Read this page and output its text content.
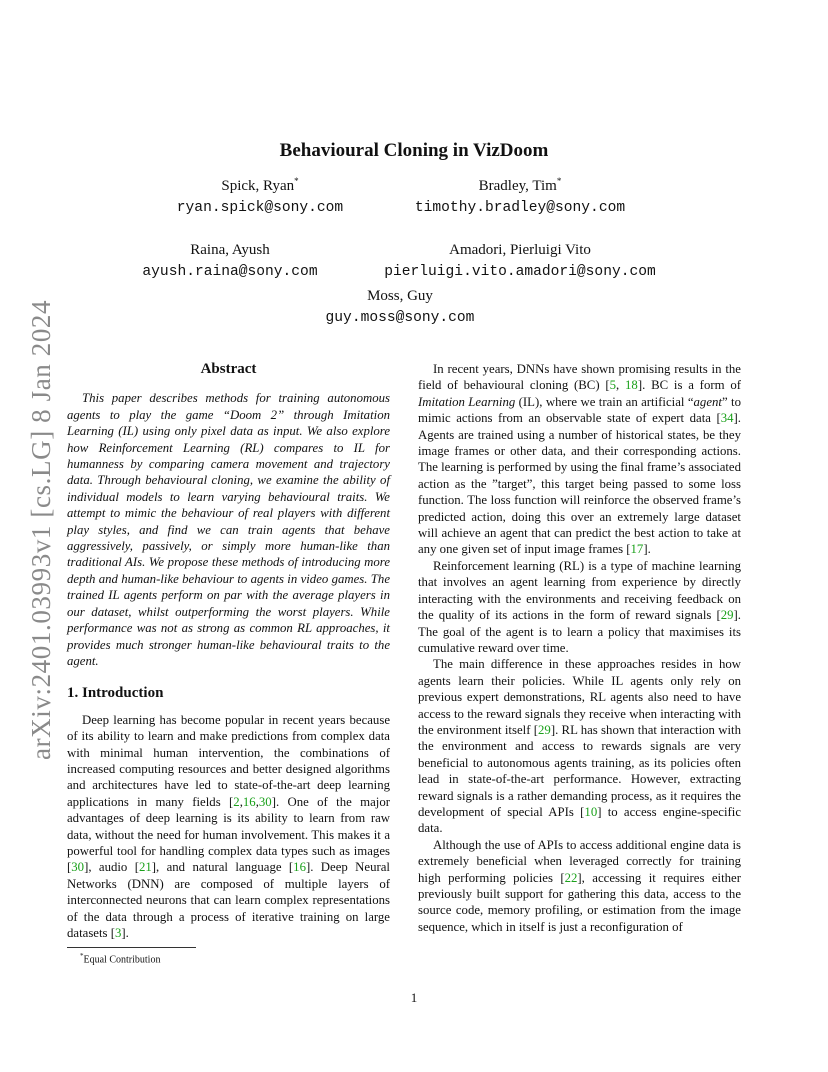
arXiv:2401.03993v1 [cs.LG] 8 Jan 2024
Behavioural Cloning in VizDoom
Spick, Ryan*
ryan.spick@sony.com
Bradley, Tim*
timothy.bradley@sony.com
Raina, Ayush
ayush.raina@sony.com
Amadori, Pierluigi Vito
pierluigi.vito.amadori@sony.com
Moss, Guy
guy.moss@sony.com
Abstract

This paper describes methods for training autonomous agents to play the game “Doom 2” through Imitation Learning (IL) using only pixel data as input. We also explore how Reinforcement Learning (RL) compares to IL for humanness by comparing camera movement and trajectory data. Through behavioural cloning, we examine the ability of individual models to learn varying behavioural traits. We attempt to mimic the behaviour of real players with different play styles, and find we can train agents that behave aggressively, passively, or simply more human-like than traditional AIs. We propose these methods of introducing more depth and human-like behaviour to agents in video games. The trained IL agents perform on par with the average players in our dataset, whilst outperforming the worst players. While performance was not as strong as common RL approaches, it provides much stronger human-like behavioural traits to the agent.

1. Introduction

Deep learning has become popular in recent years because of its ability to learn and make predictions from complex data with minimal human intervention, the combinations of increased computing resources and better designed algorithms and architectures have led to state-of-the-art deep learning applications in many fields [2,16,30]. One of the major advantages of deep learning is its ability to learn from raw data, without the need for human involvement. This makes it a powerful tool for handling complex data types such as images [30], audio [21], and natural language [16]. Deep Neural Networks (DNN) are composed of multiple layers of interconnected neurons that can learn complex representations of the data through a process of iterative training on large datasets [3].

In recent years, DNNs have shown promising results in the field of behavioural cloning (BC) [5, 18]. BC is a form of Imitation Learning (IL), where we train an artificial “agent” to mimic actions from an observable state of expert data [34]. Agents are trained using a number of historical states, be they image frames or other data, and their corresponding actions. The learning is performed by using the final frame’s associated action as the ”target”, this target being passed to some loss function. The loss function will reinforce the observed frame’s predicted action, doing this over an extremely large dataset will achieve an agent that can predict the best action to take at any one given set of input image frames [17].

Reinforcement learning (RL) is a type of machine learning that involves an agent learning from experience by directly interacting with the environments and receiving feedback on the quality of its actions in the form of reward signals [29]. The goal of the agent is to learn a policy that maximises its cumulative reward over time.

The main difference in these approaches resides in how agents learn their policies. While IL agents only rely on previous expert demonstrations, RL agents also need to have access to the reward signals they receive when interacting with the environment itself [29]. RL has shown that interaction with the environment and access to rewards signals are very beneficial to autonomous agents training, as its policies often lead in state-of-the-art performance. However, extracting reward signals is a rather demanding process, as it requires the development of special APIs [10] to access engine-specific data.

Although the use of APIs to access additional engine data is extremely beneficial when leveraged correctly for training high performing policies [22], accessing it requires either previously built support for gathering this data, access to the source code, memory profiling, or estimation from the image sequence, which in itself is just a reconfiguration of

*Equal Contribution
1
